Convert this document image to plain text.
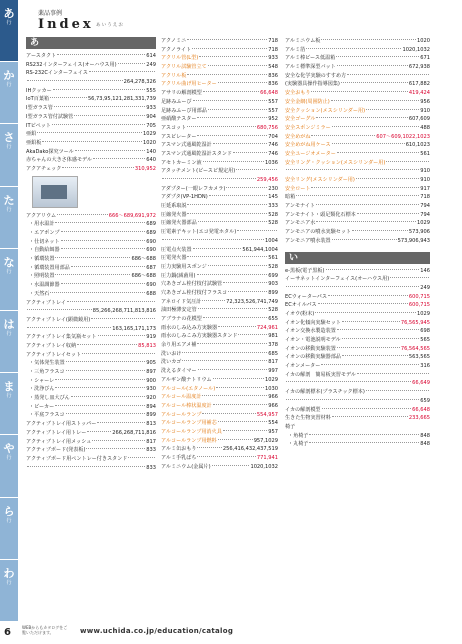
あ
行
か
行
さ
行
た
行
な
行
は
行
ま
行
や
行
ら
行
わ
行
薬品事例
Index あいうえお
あ
アースタクト	614
RS232インターフェイス(オーハウス用)	249
RS-232Cインターフェイス
264,278,326
IHクッカー	555
IoT百葉箱	56,73,95,121,281,331,739
I型ガラス管	933
I型ガラス管付試験管	904
ITピペット	705
亜鉛	1029
亜鉛板	1020
AkaDako探究ツール	140
赤ちゃんの大きさ体感モデル	640
アクアチェック	310,952
アクアリウム	666〜689,691,972
・用水温計	689
・エアポンプ	689
・仕切ネット	690
・自動給餌器	690
・循環装置	686〜688
・循環装置用部品	687
・照明装置	686〜688
・水温調節器	690
・天然石	688
アクティブトレイ
85,266,268,711,813,816
アクティブトレイ(顕微鏡用)
163,165,171,173
アクティブトレイ集気瓶セット	919
アクティブトレイ収納	85,813
アクティブトレイセット
・気体発生装置	905
・三角フラスコ	897
・シャーレ	900
・洗浄びん	930
・蒸発し皿大びん	920
・ビーカー	894
・平底フラスコ	899
アクティブトレイ用ストッパー	813
アクティブトレイ用トレー	266,268,711,816
アクティブトレイ用メッシュ	817
アクティブボード(発表板)	833
アクティブボード用ペントレー付きスタンド
833
アクノミニ	718
アクノライト	718
アクリル管(L型)	933
アクリル試験管立て	548
アクリル板	836
アクリル曲げ用ヒーター	836
アサリの解剖模型	66,648
足跡みふーび	557
足跡みふーび用部品	557
亜硝酸テスター	952
アスコット	680,756
アスピレーター	704
アスマン式通風乾湿計	746
アスマン式通風乾湿計スタンド	746
アセトカーミン液	1036
アタッチメント(ビースビ規定用)
259,456
アダプター(一眼レフカメラ)	230
アダプタ(VP-1HDN)	145
圧延系取説	333
圧縮発火器	528
圧縮発火器部品	528
圧電素子キット(エコ発電ホタル)
1004
圧電点火装置	561,944,1004
圧電発火器	561
圧力実験用スポンジ	528
圧力鍋(減菌用)	699
穴あきゴム栓付枝付試験管	903
穴あきゴム栓付枝付フラスコ	899
アネロイド気圧計	72,323,526,741,749
油田極薄安定管	528
アブラナの花模型	655
雨水のしみ込み方実験器	724,961
雨水のしみこみ方実験器スタンド	981
余り用エアメ補	378
洗いおけ	685
洗いカゴ	817
洗えるタイマー	997
アルギン酸ナトリウム	1029
アルコール(エタノール)	1030
アルコール温度計	966
アルコール棒状温度計	966
アルコールランプ	554,957
アルコールランプ用補芯	554
アルコールランプ用消火具	957
アルコールランプ用燃料	957,1029
アルミ缶おもり	256,416,432,437,519
アルミ手乳ばち	771,941
アルミニウム(金属片)	1020,1032
アルミニウム板	1020
アルミ箔	1020,1032
アルミ棒ピース低温箱	671
アルミ標準深型バット	672,938
安全な化学実験のすすめ方
(実験器具操作指導図集)	617,882
安全おもり	419,424
安全金網(周囲防止)	956
安全クッション(メスシリンダー用)	910
安全ゴーグル	607,609
安全スポンジミラー	488
安全めがね	607〜609,1022,1023
安全めがね用ケース	610,1023
安全ユージオメーター	561
安全リング・クッション(メスシリンダー用)
910
安全リング(メスシリンダー用)	910
安全ロート	917
暗箱	718
アンモナイト	794
アンモナイト・頭足類化石標本	794
アンモニア水	1029
アンモニアの噴水実験セット	573,906
アンモニア噴水装置	573,906,943
い
e-黒板(電子黒板)	146
イーサネットインターフェイス(オーハウス用)
249
ECウォーターパス	600,715
ECオイルパス	600,715
イオウ(粉末)	1029
イオン化傾向実験セット	76,565,945
イオン交換水製造装置	698
イオン・電池説明モデル	565
イオンの移動実験装置	76,564,565
イオンの移動実験器部品	563,565
イオンメーター	316
イカの解剖　簡易板実習モデル
66,649
イカの解剖標本(プラスチック標本)
659
イカの解剖模型	66,648
生きた生物実習材料	233,665
椅子
・角椅子	848
・丸椅子	848
6	WEBからもカタログをご覧いただけます。	www.uchida.co.jp/education/catalog
